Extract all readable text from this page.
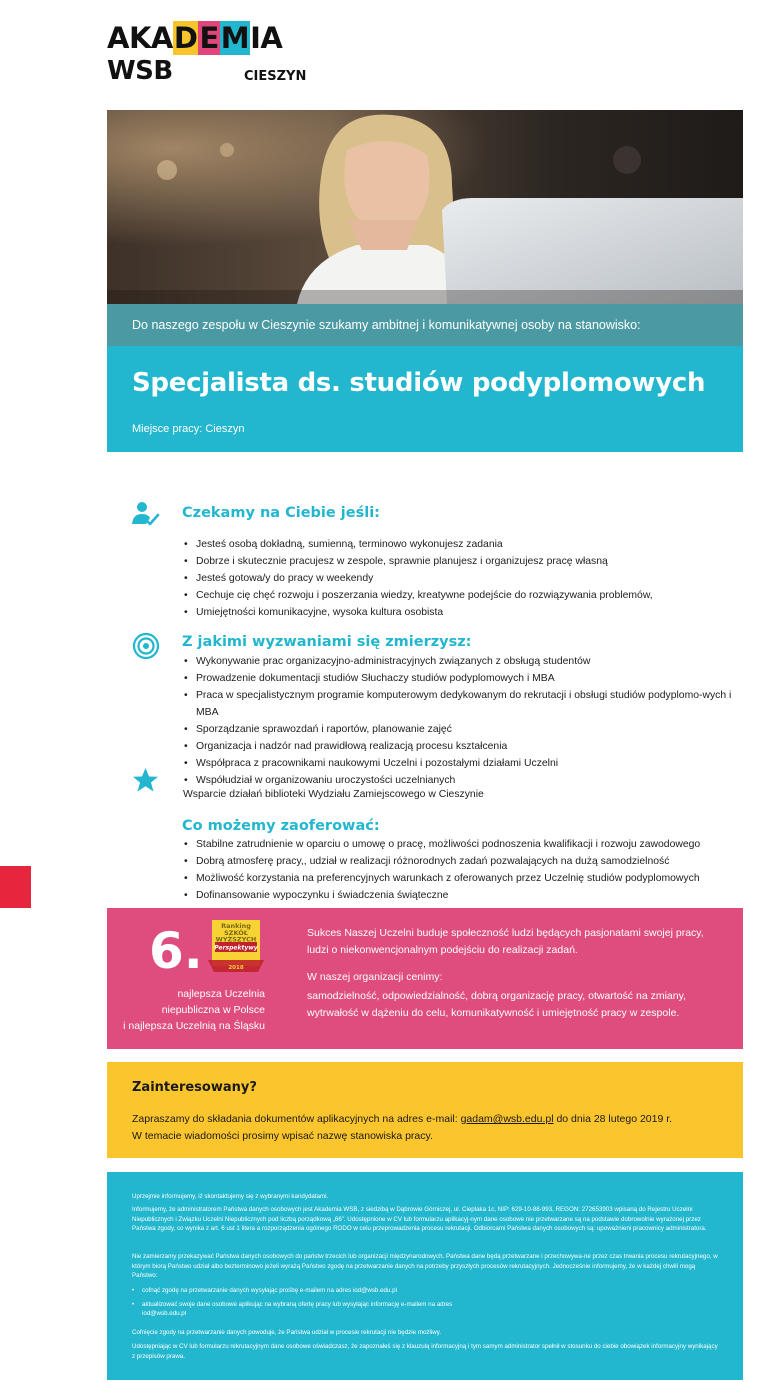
AKADEMIA
WSB	CIESZYN
Do naszego zespołu w Cieszynie szukamy ambitnej i komunikatywnej osoby na stanowisko:
Specjalista ds. studiów podyplomowych
Miejsce pracy: Cieszyn
Czekamy na Ciebie jeśli:
• Jesteś osobą dokładną, sumienną, terminowo wykonujesz zadania
• Dobrze i skutecznie pracujesz w zespole, sprawnie planujesz i organizujesz pracę własną
• Jesteś gotowa/y do pracy w weekendy
• Cechuje cię chęć rozwoju i poszerzania wiedzy, kreatywne podejście do rozwiązywania problemów,
• Umiejętności komunikacyjne, wysoka kultura osobista
Z jakimi wyzwaniami się zmierzysz:
• Wykonywanie prac organizacyjno-administracyjnych związanych z obsługą studentów
• Prowadzenie dokumentacji studiów Słuchaczy studiów podyplomowych i MBA
• Praca w specjalistycznym programie komputerowym dedykowanym do rekrutacji i obsługi studiów podyplomo-wych i MBA
• Sporządzanie sprawozdań i raportów, planowanie zajęć
• Organizacja i nadzór nad prawidłową realizacją procesu kształcenia
• Współpraca z pracownikami naukowymi Uczelni i pozostałymi działami Uczelni
• Współudział w organizowaniu uroczystości uczelnianych
Wsparcie działań biblioteki Wydziału Zamiejscowego w Cieszynie
Co możemy zaoferować:
• Stabilne zatrudnienie w oparciu o umowę o pracę, możliwości podnoszenia kwalifikacji i rozwoju zawodowego
• Dobrą atmosferę pracy,, udział w realizacji różnorodnych zadań pozwalających na dużą samodzielność
• Możliwość korzystania na preferencyjnych warunkach z oferowanych przez Uczelnię studiów podyplomowych
• Dofinansowanie wypoczynku i świadczenia świąteczne
6.	Ranking
SZKÓŁ
WYŻSZYCH
Perspektywy
2018
najlepsza Uczelnia
niepubliczna w Polsce
i najlepsza Uczelnią na Śląsku
Sukces Naszej Uczelni buduje społeczność ludzi będących pasjonatami swojej pracy, ludzi o niekonwencjonalnym podejściu do realizacji zadań.
W naszej organizacji cenimy:
samodzielność, odpowiedzialność, dobrą organizację pracy, otwartość na zmiany, wytrwałość w dążeniu do celu, komunikatywność i umiejętność pracy w zespole.
Zainteresowany?
Zapraszamy do składania dokumentów aplikacyjnych na adres e-mail: gadam@wsb.edu.pl do dnia 28 lutego 2019 r.
W temacie wiadomości prosimy wpisać nazwę stanowiska pracy.
Uprzejmie informujemy, iż skontaktujemy się z wybranymi kandydatami.
Informujemy, że administratorem Państwa danych osobowych jest Akademia WSB, z siedzibą w Dąbrowie Górniczej, ul. Cieplaka 1c, NIP: 629-10-88-993, REGON: 272653903 wpisaną do Rejestru Uczelni Niepublicznych i Związku Uczelni Niepublicznych pod liczbą porządkową „66”. Udostępnione w CV lub formularzu aplikacyj-nym dane osobowe nie przetwarzane są na podstawie dobrowolnie wyrażonej przez Państwa zgody, co wynika z art. 6 ust 1 litera a rozporządzenia ogólnego RODO w celu przeprowadzenia procesu rekrutacji. Odbiorcami Państwa danych osobowych są: upoważnieni pracownicy administratora.
Nie zamierzamy przekazywać Państwa danych osobowych do państw trzecich lub organizacji międzynarodowych. Państwa dane będą przetwarzane i przechowywa-ne przez czas trwania procesu rekrutacyjnego, w którym biorą Państwo udział albo bezterminowo jeżeli wyrażą Państwo zgodę na przetwarzanie danych na potrzeby przyszłych procesów rekrutacyjnych. Jednocześnie informujemy, że w każdej chwili mogą Państwo:
• cofnąć zgodę na przetwarzanie danych wysyłając prośbę e-mailem na adres iod@wsb.edu.pl
• aktualizować swoje dane osobowe aplikując na wybraną ofertę pracy lub wysyłając informację e-mailem na adres iod@wsb.edu.pl
Cofnięcie zgody na przetwarzanie danych powoduje, że Państwa udział w procesie rekrutacji nie będzie możliwy.
Udostępniając w CV lub formularzu rekrutacyjnym dane osobowe oświadczasz, że zapoznałeś się z klauzulą informacyjną i tym samym administrator spełnił w stosunku do ciebie obowiązek informacyjny wynikający z przepisów prawa.
